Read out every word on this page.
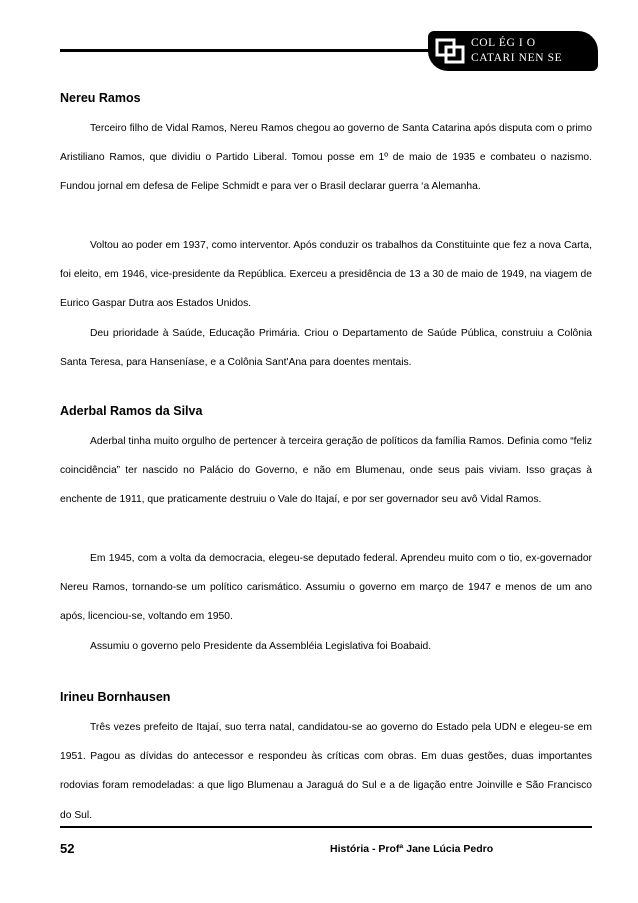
COL ÉG I O
CATARI NEN SE
Nereu Ramos

Terceiro filho de Vidal Ramos, Nereu Ramos chegou ao governo de Santa Catarina após disputa com o primo Aristiliano Ramos, que dividiu o Partido Liberal. Tomou posse em 1º de maio de 1935 e combateu o nazismo. Fundou jornal em defesa de Felipe Schmidt e para ver o Brasil declarar guerra ‘a Alemanha.

Voltou ao poder em 1937, como interventor. Após conduzir os trabalhos da Constituinte que fez a nova Carta, foi eleito, em 1946, vice-presidente da República. Exerceu a presidência de 13 a 30 de maio de 1949, na viagem de Eurico Gaspar Dutra aos Estados Unidos.

Deu prioridade à Saúde, Educação Primária. Criou o Departamento de Saúde Pública, construiu a Colônia Santa Teresa, para Hanseníase, e a Colônia Sant'Ana para doentes mentais.

Aderbal Ramos da Silva

Aderbal tinha muito orgulho de pertencer à terceira geração de políticos da família Ramos. Definia como “feliz coincidência” ter nascido no Palácio do Governo, e não em Blumenau, onde seus pais viviam. Isso graças à enchente de 1911, que praticamente destruiu o Vale do Itajaí, e por ser governador seu avô Vidal Ramos.

Em 1945, com a volta da democracia, elegeu-se deputado federal. Aprendeu muito com o tio, ex-governador Nereu Ramos, tornando-se um político carismático. Assumiu o governo em março de 1947 e menos de um ano após, licenciou-se, voltando em 1950.

Assumiu o governo pelo Presidente da Assembléia Legislativa foi Boabaid.

Irineu Bornhausen

Três vezes prefeito de Itajaí, suo terra natal, candidatou-se ao governo do Estado pela UDN e elegeu-se em 1951. Pagou as dívidas do antecessor e respondeu às críticas com obras. Em duas gestões, duas importantes rodovias foram remodeladas: a que ligo Blumenau a Jaraguá do Sul e a de ligação entre Joinville e São Francisco do Sul.

52	História - Profª Jane Lúcia Pedro
